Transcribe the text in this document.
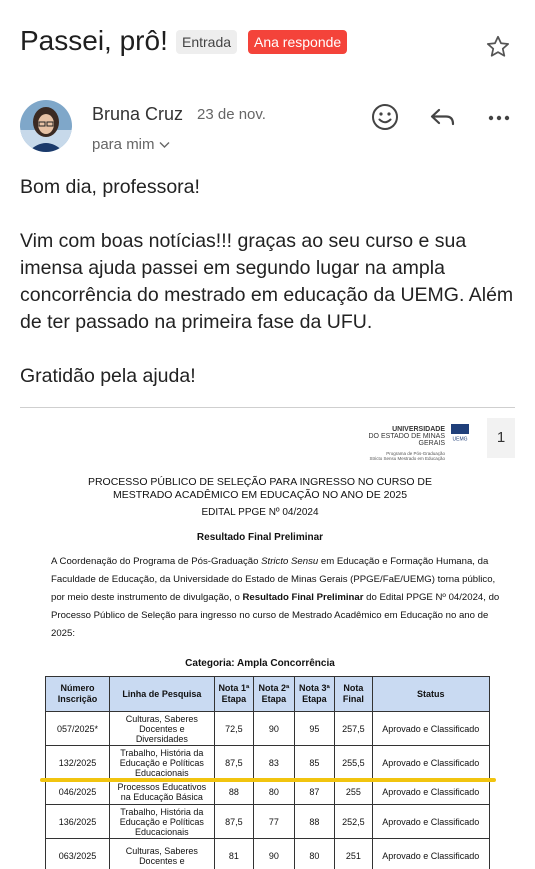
Passei, prô!	Entrada	Ana responde
Bruna Cruz 23 de nov.
para mim

Bom dia, professora!

Vim com boas notícias!!! graças ao seu curso e sua imensa ajuda passei em segundo lugar na ampla concorrência do mestrado em educação da UEMG. Além de ter passado na primeira fase da UFU.

Gratidão pela ajuda!

UNIVERSIDADE
DO ESTADO DE MINAS GERAIS
Programa de Pós-Graduação
Stricto Sensu Mestrado em Educação
UEMG	1
PROCESSO PÚBLICO DE SELEÇÃO PARA INGRESSO NO CURSO DE MESTRADO ACADÊMICO EM EDUCAÇÃO NO ANO DE 2025
EDITAL PPGE Nº 04/2024
Resultado Final Preliminar
A Coordenação do Programa de Pós-Graduação Stricto Sensu em Educação e Formação Humana, da Faculdade de Educação, da Universidade do Estado de Minas Gerais (PPGE/FaE/UEMG) torna público, por meio deste instrumento de divulgação, o Resultado Final Preliminar do Edital PPGE Nº 04/2024, do Processo Público de Seleção para ingresso no curso de Mestrado Acadêmico em Educação no ano de 2025:
Categoria: Ampla Concorrência
Número Inscrição	Linha de Pesquisa	Nota 1ª Etapa	Nota 2ª Etapa	Nota 3ª Etapa	Nota Final	Status
057/2025*	Culturas, Saberes Docentes e Diversidades	72,5	90	95	257,5	Aprovado e Classificado
132/2025	Trabalho, História da Educação e Políticas Educacionais	87,5	83	85	255,5	Aprovado e Classificado
046/2025	Processos Educativos na Educação Básica	88	80	87	255	Aprovado e Classificado
136/2025	Trabalho, História da Educação e Políticas Educacionais	87,5	77	88	252,5	Aprovado e Classificado
063/2025	Culturas, Saberes Docentes e	81	90	80	251	Aprovado e Classificado
